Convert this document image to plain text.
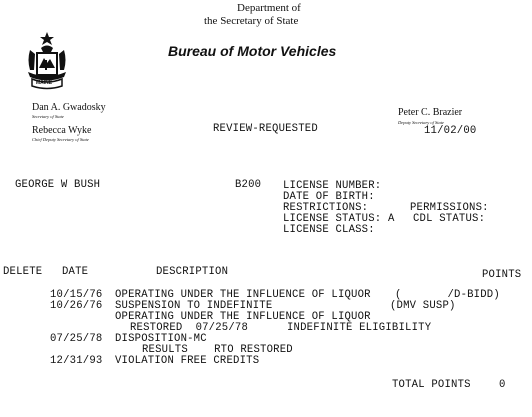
Department of
the Secretary of State
Bureau of Motor Vehicles
MAINE
Dan A. Gwadosky
Secretary of State
Rebecca Wyke
Chief Deputy Secretary of State
Peter C. Brazier
Deputy Secretary of State
REVIEW-REQUESTED	11/02/00
GEORGE W BUSH	B200 LICENSE NUMBER:
DATE OF BIRTH:
RESTRICTIONS:	PERMISSIONS:
LICENSE STATUS: A CDL STATUS:
LICENSE CLASS:
DELETE DATE	DESCRIPTION	POINTS
10/15/76 OPERATING UNDER THE INFLUENCE OF LIQUOR (       /D-BIDD)
10/26/76 SUSPENSION TO INDEFINITE	(DMV SUSP)
OPERATING UNDER THE INFLUENCE OF LIQUOR
RESTORED  07/25/78	INDEFINITE ELIGIBILITY
07/25/78 DISPOSITION-MC
RESULTS    RTO RESTORED
12/31/93 VIOLATION FREE CREDITS
TOTAL POINTS	0
